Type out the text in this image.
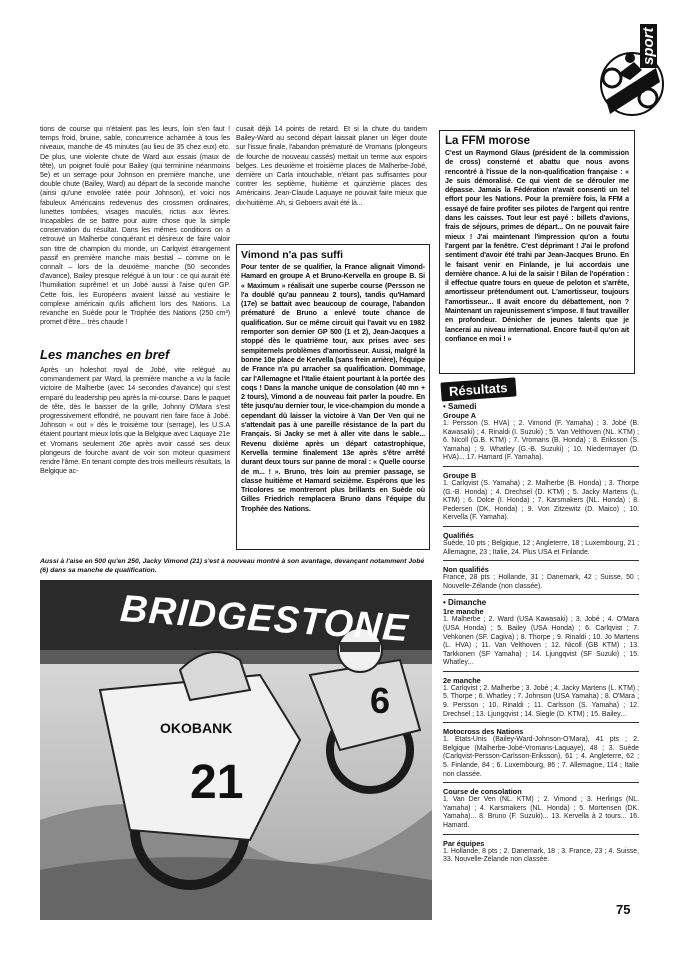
sport
tions de course qui n'étaient pas les leurs, loin s'en faut ! temps froid, bruine, sable, concurrence acharnée à tous les niveaux, manche de 45 minutes (au lieu de 35 chez eux) etc. De plus, une violente chute de Ward aux essais (maux de tête), un poignet foulé pour Bailey (qui terminine néanmoins 5e) et un serrage pour Johnson en première manche, une double chute (Bailey, Ward) au départ de la seconde manche (ainsi qu'une envolée ratée pour Johnson), et voici nos fabuleux Américains redevenus des crossmen ordinaires, lunettes tombées, visages maculés, rictus aux lèvres. Incapables de se battre pour autre chose que la simple conservation du résultat. Dans les mêmes conditions on a retrouvé un Malherbe conquérant et désireux de faire valoir son titre de champion du monde, un Carlqvist étrangement passif en première manche mais bestial – comme on le connaît – lors de la deuxième manche (50 secondes d'avance), Bailey presque relégué à un tour : ce qui aurait été l'humiliation suprême! et un Jobé aussi à l'aise qu'en GP. Cette fois, les Européens avaient laissé au vestiaire le complexe américain qu'ils affichent lors des Nations. La revanche en Suède pour le Trophée des Nations (250 cm³) promet d'être... très chaude !
Les manches en bref
Après un holeshot royal de Jobé, vite relégué au commandement par Ward, la première manche a vu la facile victoire de Malherbe (avec 14 secondes d'avance) qui s'est emparé du leadership peu après la mi-course. Dans le paquet de tête, dès le baisser de la grille, Johnny O'Mara s'est progressivement effondré, ne pouvant rien faire face à Jobé. Johnson « out » dès le troisième tour (serrage), les U.S.A étaient pourtant mieux lotis que la Belgique avec Laquaye 21e et Vromans seulement 26e après avoir cassé ses deux plongeurs de fourche avant de voir son moteur quasiment rendre l'âme. En tenant compte des trois meilleurs résultats, la Belgique ac-
cusait déjà 14 points de retard. Et si la chute du tandem Bailey-Ward au second départ laissait planer un léger doute sur l'issue finale, l'abandon prématuré de Vromans (plongeurs de fourche de nouveau cassés) mettait un terme aux espoirs belges. Les deuxième et troisième places de Malherbe-Jobé, dernière un Carla intouchable, n'étant pas suffisantes pour contrer les septième, huitième et quinzième places des Américains. Jean-Claude Laquaye ne pouvait faire mieux que dix-huitième. Ah, si Geboers avait été là...
Vimond n'a pas suffi
Pour tenter de se qualifier, la France alignait Vimond-Hamard en groupe A et Bruno-Kervella en groupe B. Si « Maximum » réalisait une superbe course (Persson ne l'a doublé qu'au panneau 2 tours), tandis qu'Hamard (17e) se battait avec beaucoup de courage, l'abandon prématuré de Bruno a enlevé toute chance de qualification. Sur ce même circuit qui l'avait vu en 1982 remporter son dernier GP 500 (1 et 2), Jean-Jacques a stoppé dès le quatrième tour, aux prises avec ses sempiternels problèmes d'amortisseur. Aussi, malgré la bonne 10e place de Kervella (sans frein arrière), l'équipe de France n'a pu arracher sa qualification. Dommage, car l'Allemagne et l'Italie étaient pourtant à la portée des coqs ! Dans la manche unique de consolation (40 mn + 2 tours), Vimond a de nouveau fait parler la poudre. En tête jusqu'au dernier tour, le vice-champion du monde a cependant dû laisser la victoire à Van Der Ven qui ne s'attendait pas à une pareille résistance de la part du Français. Si Jacky se met à aller vite dans le sable... Revenu dixième après un départ catastrophique, Kervella termine finalement 13e après s'être arrêté durant deux tours sur panne de moral : « Quelle course de m... ! ». Bruno, très loin au premier passage, se classe huitième et Hamard seizième. Espérons que les Tricolores se montreront plus brillants en Suède où Gilles Friedrich remplacera Bruno dans l'équipe du Trophée des Nations.
La FFM morose
C'est un Raymond Glaus (président de la commission de cross) consterné et abattu que nous avons rencontré à l'issue de la non-qualification française : « Je suis démoralisé. Ce qui vient de se dérouler me dépasse. Jamais la Fédération n'avait consenti un tel effort pour les Nations. Pour la première fois, la FFM a essayé de faire profiter ses pilotes de l'argent qui rentre dans les caisses. Tout leur est payé : billets d'avions, frais de séjours, primes de départ... On ne pouvait faire mieux ! J'ai maintenant l'impression qu'on a foutu l'argent par la fenêtre. C'est déprimant ! J'ai le profond sentiment d'avoir été trahi par Jean-Jacques Bruno. En le faisant venir en Finlande, je lui accordais une dernière chance. A lui de la saisir ! Bilan de l'opération : il effectue quatre tours en queue de peloton et s'arrête, amortisseur prétendument out. L'amortisseur, toujours l'amortisseur... Il avait encore du débattement, non ? Maintenant un rajeunissement s'impose. Il faut travailler en profondeur. Dénicher de jeunes talents que je lancerai au niveau international. Encore faut-il qu'on ait confiance en moi ! »
Résultats
• Samedi
Groupe A
1. Persson (S. HVA) ; 2. Vimond (F. Yamaha) ; 3. Jobé (B. Kawasaki) ; 4. Rinaldi (I. Suzuki) ; 5. Van Velthoven (NL. KTM) ; 6. Nicoll (G.B. KTM) ; 7. Vromans (B. Honda) ; 8. Eriksson (S. Yamaha) ; 9. Whatley (G.-B. Suzuki) ; 10. Niedermayer (D. HVA)... 17. Hamard (F. Yamaha).
Groupe B
1. Carlqvist (S. Yamaha) ; 2. Malherbe (B. Honda) ; 3. Thorpe (G.-B. Honda) ; 4. Drechsel (D. KTM) ; 5. Jacky Martens (L. KTM) ; 6. Dolce (I. Honda) ; 7. Karsmakers (NL. Honda) ; 8. Pedersen (DK. Honda) ; 9. Von Zitzewitz (D. Maico) ; 10. Kervella (F. Yamaha).
Qualifiés
Suède, 10 pts ; Belgique, 12 ; Angleterre, 18 ; Luxembourg, 21 ; Allemagne, 23 ; Italie, 24. Plus USA et Finlande.
Non qualifiés
France, 28 pts ; Hollande, 31 ; Danemark, 42 ; Suisse, 50 ; Nouvelle-Zélande (non classée).
• Dimanche
1re manche
1. Malherbe ; 2. Ward (USA Kawasaki) ; 3. Jobé ; 4. O'Mara (USA Honda) ; 5. Bailey (USA Honda) ; 6. Carlqvist ; 7. Vehkonen (SF. Cagiva) ; 8. Thorpe ; 9. Rinaldi ; 10. Jo Martens (L. HVA) ; 11. Van Velthoven ; 12. Nicoll (GB KTM) ; 13. Tarkkonen (SF Yamaha) ; 14. Ljungqvist (SF Suzuki) ; 15. Whatley...
2e manche
1. Carlqvist ; 2. Malherbe ; 3. Jobé ; 4. Jacky Martens (L. KTM) ; 5. Thorpe ; 6. Whatley ; 7. Johnson (USA Yamaha) ; 8. O'Mara ; 9. Persson ; 10. Rinaldi ; 11. Carlsson (S. Yamaha) ; 12. Drechsel ; 13. Ljungqvist ; 14. Siegle (D. KTM) ; 15. Bailey...
Motocross des Nations
1. Etats-Unis (Bailey-Ward-Johnson-O'Mara), 41 pts ; 2. Belgique (Malherbe-Jobé-Vromans-Laquaye), 48 ; 3. Suède (Carlqvist-Persson-Carlsson-Eriksson), 61 ; 4. Angleterre, 62 ; 5. Finlande, 84 ; 6. Luxembourg, 86 ; 7. Allemagne, 114 ; Italie non classée.
Course de consolation
1. Van Der Ven (NL. KTM) ; 2. Vimond ; 3. Herlings (NL. Yamaha) ; 4. Karsmakers (NL. Honda) ; 5. Mortensen (DK. Yamaha)... 8. Bruno (F. Suzuki)... 13. Kervella à 2 tours... 16. Hamard.
Par équipes
1. Hollande, 8 pts ; 2. Danemark, 18 ; 3. France, 23 ; 4. Suisse, 33. Nouvelle-Zélande non classée.
Aussi à l'aise en 500 qu'en 250, Jacky Vimond (21) s'est à nouveau montré à son avantage, devançant notamment Jobé (6) dans sa manche de qualification.
BRIDGESTONE
OKOBANK
21
6
75
